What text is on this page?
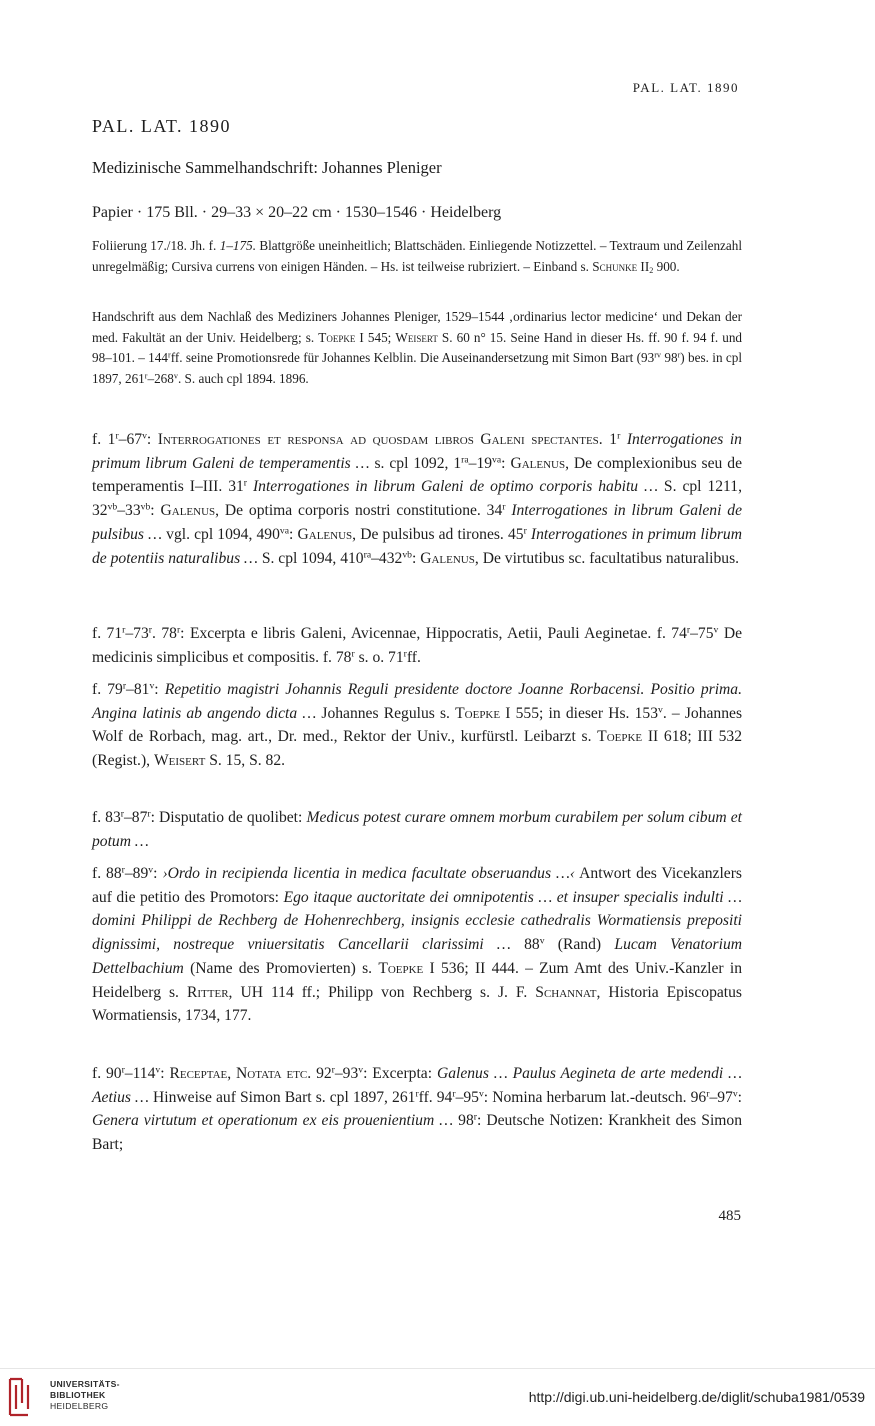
PAL. LAT. 1890
PAL. LAT. 1890
Medizinische Sammelhandschrift: Johannes Pleniger
Papier · 175 Bll. · 29–33 × 20–22 cm · 1530–1546 · Heidelberg

Foliierung 17./18. Jh. f. 1–175. Blattgröße uneinheitlich; Blattschäden. Einliegende Notizzettel. – Textraum und Zeilenzahl unregelmäßig; Cursiva currens von einigen Händen. – Hs. ist teilweise rubriziert. – Einband s. Schunke $II_2$ 900.

Handschrift aus dem Nachlaß des Mediziners Johannes Pleniger, 1529–1544 ‚ordinarius lector medicine‘ und Dekan der med. Fakultät an der Univ. Heidelberg; s. Toepke I 545; Weisert S. 60 n° 15. Seine Hand in dieser Hs. ff. 90 f. 94 f. und 98–101. – 144$^r$ff. seine Promotionsrede für Johannes Kelblin. Die Auseinandersetzung mit Simon Bart ($93^{rv}$ 98$^r$) bes. in cpl 1897, 261$^r$–268$^v$. S. auch cpl 1894. 1896.

f. 1$^r$–67$^v$: Interrogationes et responsa ad quosdam libros Galeni spectantes. 1$^r$ Interrogationes in primum librum Galeni de temperamentis … s. cpl 1092, $1^{ra}-19^{va}$: Galenus, De complexionibus seu de temperamentis I–III. 31$^r$ Interrogationes in librum Galeni de optimo corporis habitu … S. cpl 1211, $32^{vb}-33^{vb}$: Galenus, De optima corporis nostri constitutione. 34$^r$ Interrogationes in librum Galeni de pulsibus … vgl. cpl 1094, $490^{va}$: Galenus, De pulsibus ad tirones. 45$^r$ Interrogationes in primum librum de potentiis naturalibus … S. cpl 1094, $410^{ra}-432^{vb}$: Galenus, De virtutibus sc. facultatibus naturalibus.

f. 71$^r$–73$^r$. 78$^r$: Excerpta e libris Galeni, Avicennae, Hippocratis, Aetii, Pauli Aeginetae. f. 74$^r$–75$^v$ De medicinis simplicibus et compositis. f. 78$^r$ s. o. 71$^r$ff.

f. 79$^r$–81$^v$: Repetitio magistri Johannis Reguli presidente doctore Joanne Rorbacensi. Positio prima. Angina latinis ab angendo dicta … Johannes Regulus s. Toepke I 555; in dieser Hs. 153$^v$. – Johannes Wolf de Rorbach, mag. art., Dr. med., Rektor der Univ., kurfürstl. Leibarzt s. Toepke II 618; III 532 (Regist.), Weisert S. 15, S. 82.

f. 83$^r$–87$^r$: Disputatio de quolibet: Medicus potest curare omnem morbum curabilem per solum cibum et potum …

f. 88$^r$–89$^v$: ›Ordo in recipienda licentia in medica facultate obseruandus …‹ Antwort des Vicekanzlers auf die petitio des Promotors: Ego itaque auctoritate dei omnipotentis … et insuper specialis indulti … domini Philippi de Rechberg de Hohenrechberg, insignis ecclesie cathedralis Wormatiensis prepositi dignissimi, nostreque vniuersitatis Cancellarii clarissimi … 88$^v$ (Rand) Lucam Venatorium Dettelbachium (Name des Promovierten) s. Toepke I 536; II 444. – Zum Amt des Univ.-Kanzler in Heidelberg s. Ritter, UH 114 ff.; Philipp von Rechberg s. J. F. Schannat, Historia Episcopatus Wormatiensis, 1734, 177.

f. 90$^r$–114$^v$: Receptae, Notata etc. 92$^r$–93$^v$: Excerpta: Galenus … Paulus Aegineta de arte medendi … Aetius … Hinweise auf Simon Bart s. cpl 1897, 261$^r$ff. 94$^r$–95$^v$: Nomina herbarum lat.-deutsch. 96$^r$–97$^v$: Genera virtutum et operationum ex eis prouenientium … 98$^r$: Deutsche Notizen: Krankheit des Simon Bart;

485
UNIVERSITÄTS-
BIBLIOTHEK
HEIDELBERG
http://digi.ub.uni-heidelberg.de/diglit/schuba1981/0539
